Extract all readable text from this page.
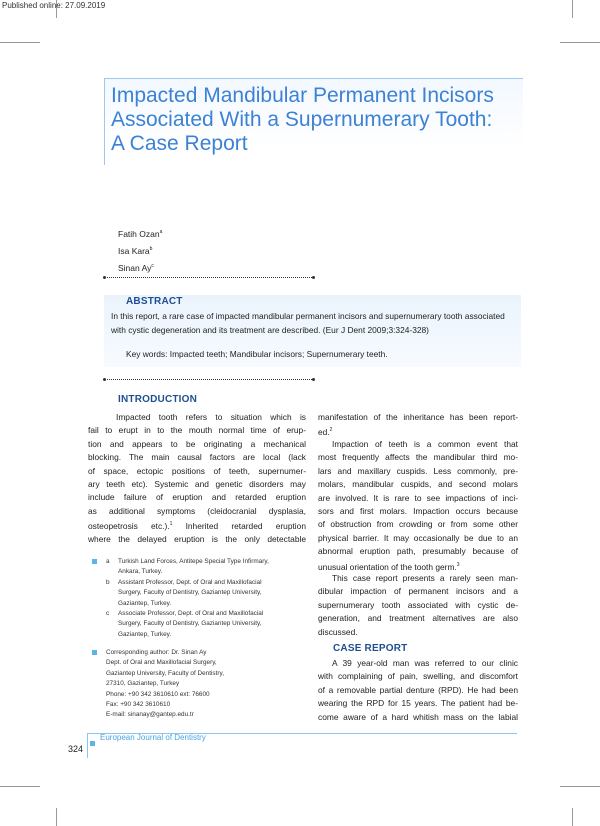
Published online: 27.09.2019
Impacted Mandibular Permanent Incisors
Associated With a Supernumerary Tooth:
A Case Report
Fatih Ozan$^a$
Isa Kara$^b$
Sinan Ay$^c$
ABSTRACT
In this report, a rare case of impacted mandibular permanent incisors and supernumerary tooth associated with cystic degeneration and its treatment are described. (Eur J Dent 2009;3:324-328)
Key words: Impacted teeth; Mandibular incisors; Supernumerary teeth.
INTRODUCTION
Impacted tooth refers to situation which is
fail to erupt in to the mouth normal time of erup-
tion and appears to be originating a mechanical
blocking. The main causal factors are local (lack
of space, ectopic positions of teeth, supernumer-
ary teeth etc). Systemic and genetic disorders may
include failure of eruption and retarded eruption
as additional symptoms (cleidocranial dysplasia,
osteopetrosis etc.).$^1$ Inherited retarded eruption
where the delayed eruption is the only detectable
a Turkish Land Forces, Antitepe Special Type Infirmary,
Ankara, Turkey.
b Assistant Professor, Dept. of Oral and Maxillofacial
Surgery, Faculty of Dentistry, Gaziantep University,
Gaziantep, Turkey.
c Associate Professor, Dept. of Oral and Maxillofacial
Surgery, Faculty of Dentistry, Gaziantep University,
Gaziantep, Turkey.
Corresponding author: Dr. Sinan Ay
Dept. of Oral and Maxillofacial Surgery,
Gaziantep University, Faculty of Dentistry,
27310, Gaziantep, Turkey
Phone: +90 342 3610610 ext: 76600
Fax: +90 342 3610610
E-mail: sinanay@gantep.edu.tr
manifestation of the inheritance has been report-
ed.$^2$
Impaction of teeth is a common event that
most frequently affects the mandibular third mo-
lars and maxillary cuspids. Less commonly, pre-
molars, mandibular cuspids, and second molars
are involved. It is rare to see impactions of inci-
sors and first molars. Impaction occurs because
of obstruction from crowding or from some other
physical barrier. It may occasionally be due to an
abnormal eruption path, presumably because of
unusual orientation of the tooth germ.$^3$
This case report presents a rarely seen man-
dibular impaction of permanent incisors and a
supernumerary tooth associated with cystic de-
generation, and treatment alternatives are also
discussed.
CASE REPORT
A 39 year-old man was referred to our clinic
with complaining of pain, swelling, and discomfort
of a removable partial denture (RPD). He had been
wearing the RPD for 15 years. The patient had be-
come aware of a hard whitish mass on the labial
European Journal of Dentistry
324
